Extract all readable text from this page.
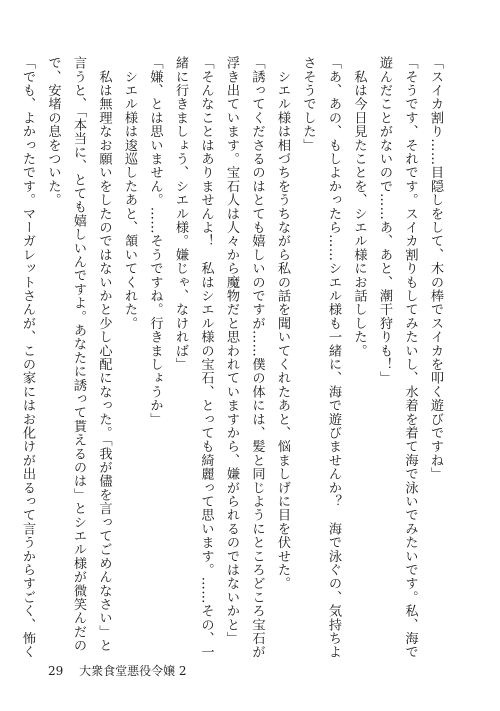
「スイカ割り……目隠しをして、木の棒でスイカを叩く遊びですね」
「そうです、それです。スイカ割りもしてみたいし、水着を着て海で泳いでみたいです。私、海で
遊んだことがないので……あ、あと、潮干狩りも！」
　私は今日見たことを、シエル様にお話しした。
「あ、あの、もしよかったら……シエル様も一緒に、海で遊びませんか？　海で泳ぐの、気持ちよ
さそうでした」
　シエル様は相づちをうちながら私の話を聞いてくれたあと、悩ましげに目を伏せた。
「誘ってくださるのはとても嬉しいのですが……僕の体には、髪と同じようにところどころ宝石が
浮き出ています。宝石人は人々から魔物だと思われていますから、嫌がられるのではないかと」
「そんなことはありませんよ！　私はシエル様の宝石、とっても綺麗って思います。……その、一
緒に行きましょう、シエル様。嫌じゃ、なければ」
「嫌、とは思いません。……そうですね。行きましょうか」
　シエル様は逡巡したあと、頷いてくれた。
　私は無理なお願いをしたのではないかと少し心配になった。「我が儘を言ってごめんなさい」と
言うと、「本当に、とても嬉しいんですよ。あなたに誘って貰えるのは」とシエル様が微笑んだの
で、安堵の息をついた。
「でも、よかったです。マーガレットさんが、この家にはお化けが出るって言うからすごく、怖く
29 大衆食堂悪役令嬢 2
